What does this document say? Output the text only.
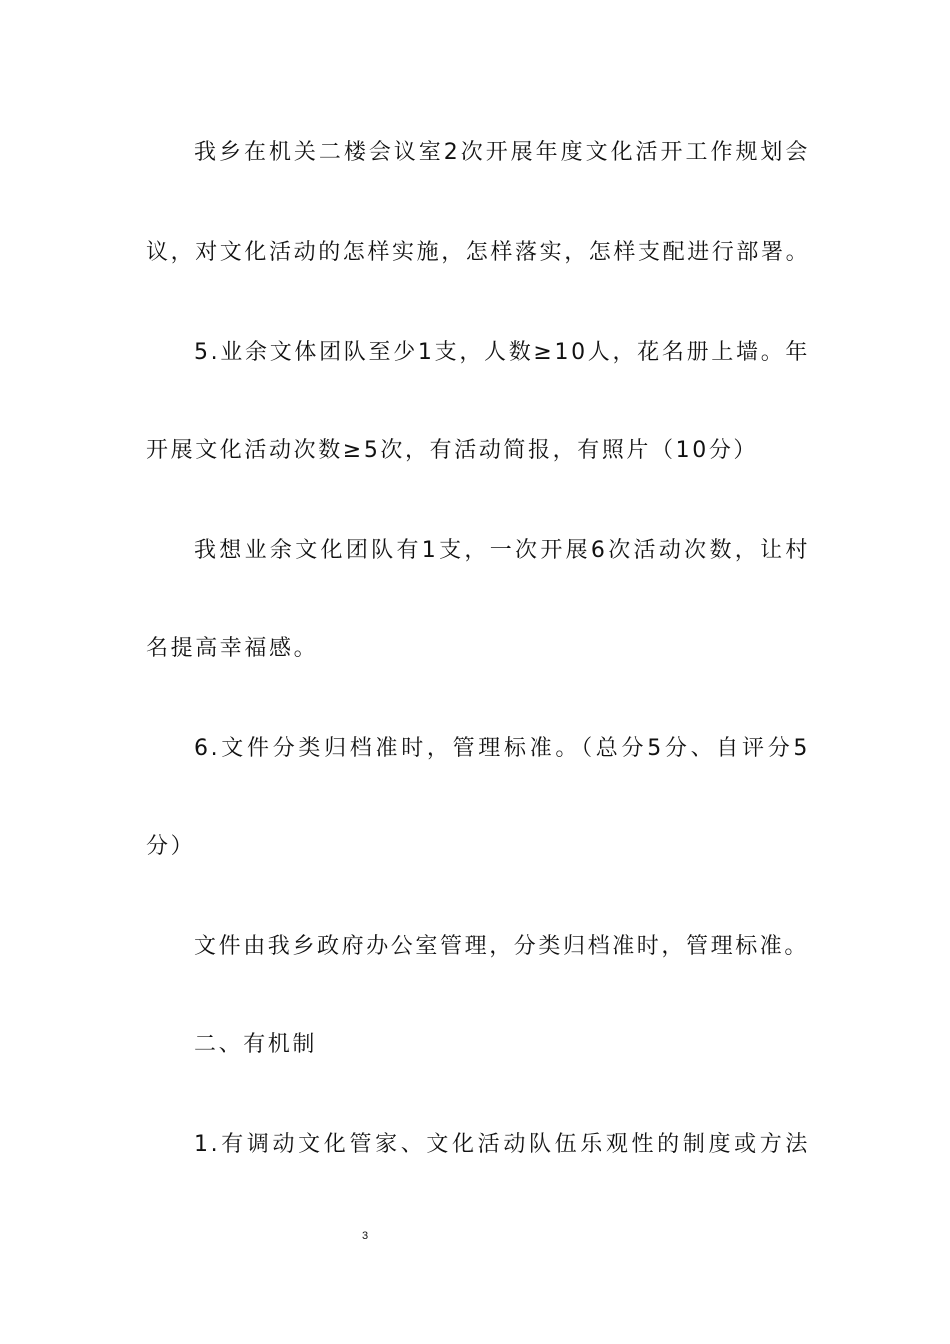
我乡在机关二楼会议室2次开展年度文化活开工作规划会
议，对文化活动的怎样实施，怎样落实，怎样支配进行部署。
5.业余文体团队至少1支，人数≥10人，花名册上墙。年
开展文化活动次数≥5次，有活动简报，有照片（10分）
我想业余文化团队有1支，一次开展6次活动次数，让村
名提高幸福感。
6.文件分类归档准时，管理标准。（总分5分、自评分5
分）
文件由我乡政府办公室管理，分类归档准时，管理标准。
二、有机制
1.有调动文化管家、文化活动队伍乐观性的制度或方法
3
